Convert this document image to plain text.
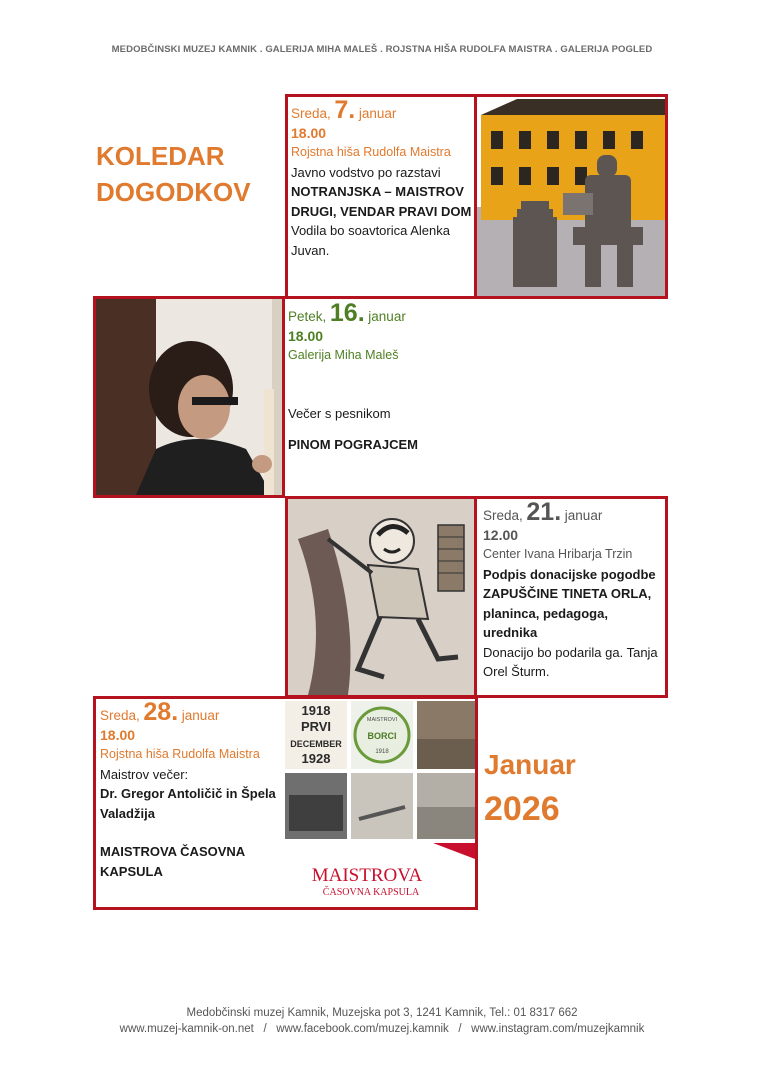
MEDOBČINSKI MUZEJ KAMNIK . GALERIJA MIHA MALEŠ . ROJSTNA HIŠA RUDOLFA MAISTRA . GALERIJA POGLED
KOLEDAR
DOGODKOV
Sreda, 7. januar
18.00
Rojstna hiša Rudolfa Maistra
Javno vodstvo po razstavi
NOTRANJSKA – MAISTROV DRUGI, VENDAR PRAVI DOM
Vodila bo soavtorica Alenka Juvan.
Petek, 16. januar
18.00
Galerija Miha Maleš
Večer s pesnikom
PINOM POGRAJCEM
Sreda, 21. januar
12.00
Center Ivana Hribarja Trzin
Podpis donacijske pogodbe
ZAPUŠČINE TINETA ORLA, planinca, pedagoga, urednika
Donacijo bo podarila ga. Tanja Orel Šturm.
Sreda, 28. januar
18.00
Rojstna hiša Rudolfa Maistra
Maistrov večer:
Dr. Gregor Antoličič in Špela Valadžija
MAISTROVA ČASOVNA KAPSULA
1918
PRVI
DECEMBER
1928
MAISTROVI
BORCI
1918
MAISTROVA
ČASOVNA KAPSULA
Januar
2026
Medobčinski muzej Kamnik, Muzejska pot 3, 1241 Kamnik, Tel.: 01 8317 662
www.muzej-kamnik-on.net   /   www.facebook.com/muzej.kamnik   /   www.instagram.com/muzejkamnik
